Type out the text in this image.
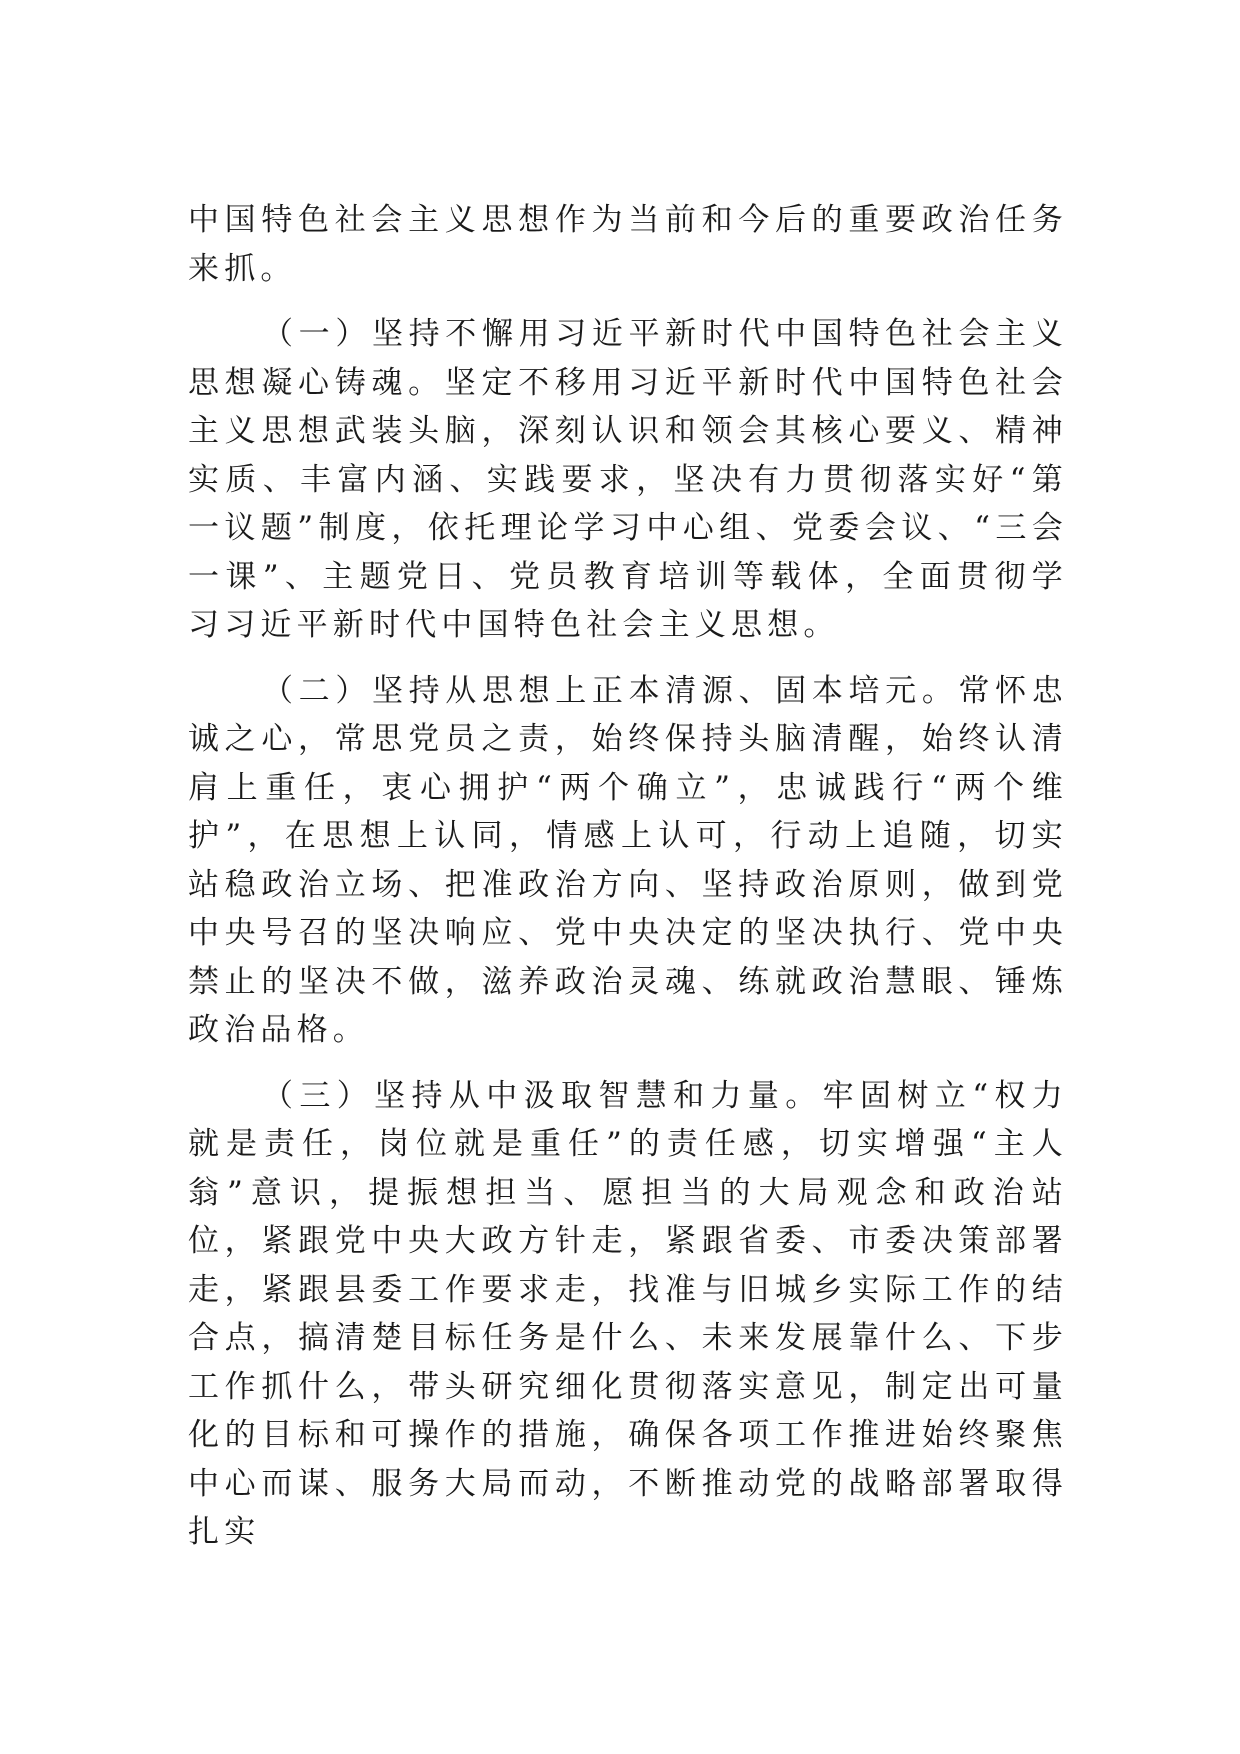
中国特色社会主义思想作为当前和今后的重要政治任务来抓。

（一）坚持不懈用习近平新时代中国特色社会主义思想凝心铸魂。坚定不移用习近平新时代中国特色社会主义思想武装头脑，深刻认识和领会其核心要义、精神实质、丰富内涵、实践要求，坚决有力贯彻落实好“第一议题”制度，依托理论学习中心组、党委会议、“三会一课”、主题党日、党员教育培训等载体，全面贯彻学习习近平新时代中国特色社会主义思想。

（二）坚持从思想上正本清源、固本培元。常怀忠诚之心，常思党员之责，始终保持头脑清醒，始终认清肩上重任，衷心拥护“两个确立”，忠诚践行“两个维护”，在思想上认同，情感上认可，行动上追随，切实站稳政治立场、把准政治方向、坚持政治原则，做到党中央号召的坚决响应、党中央决定的坚决执行、党中央禁止的坚决不做，滋养政治灵魂、练就政治慧眼、锤炼政治品格。

（三）坚持从中汲取智慧和力量。牢固树立“权力就是责任，岗位就是重任”的责任感，切实增强“主人翁”意识，提振想担当、愿担当的大局观念和政治站位，紧跟党中央大政方针走，紧跟省委、市委决策部署走，紧跟县委工作要求走，找准与旧城乡实际工作的结合点，搞清楚目标任务是什么、未来发展靠什么、下步工作抓什么，带头研究细化贯彻落实意见，制定出可量化的目标和可操作的措施，确保各项工作推进始终聚焦中心而谋、服务大局而动，不断推动党的战略部署取得扎实
